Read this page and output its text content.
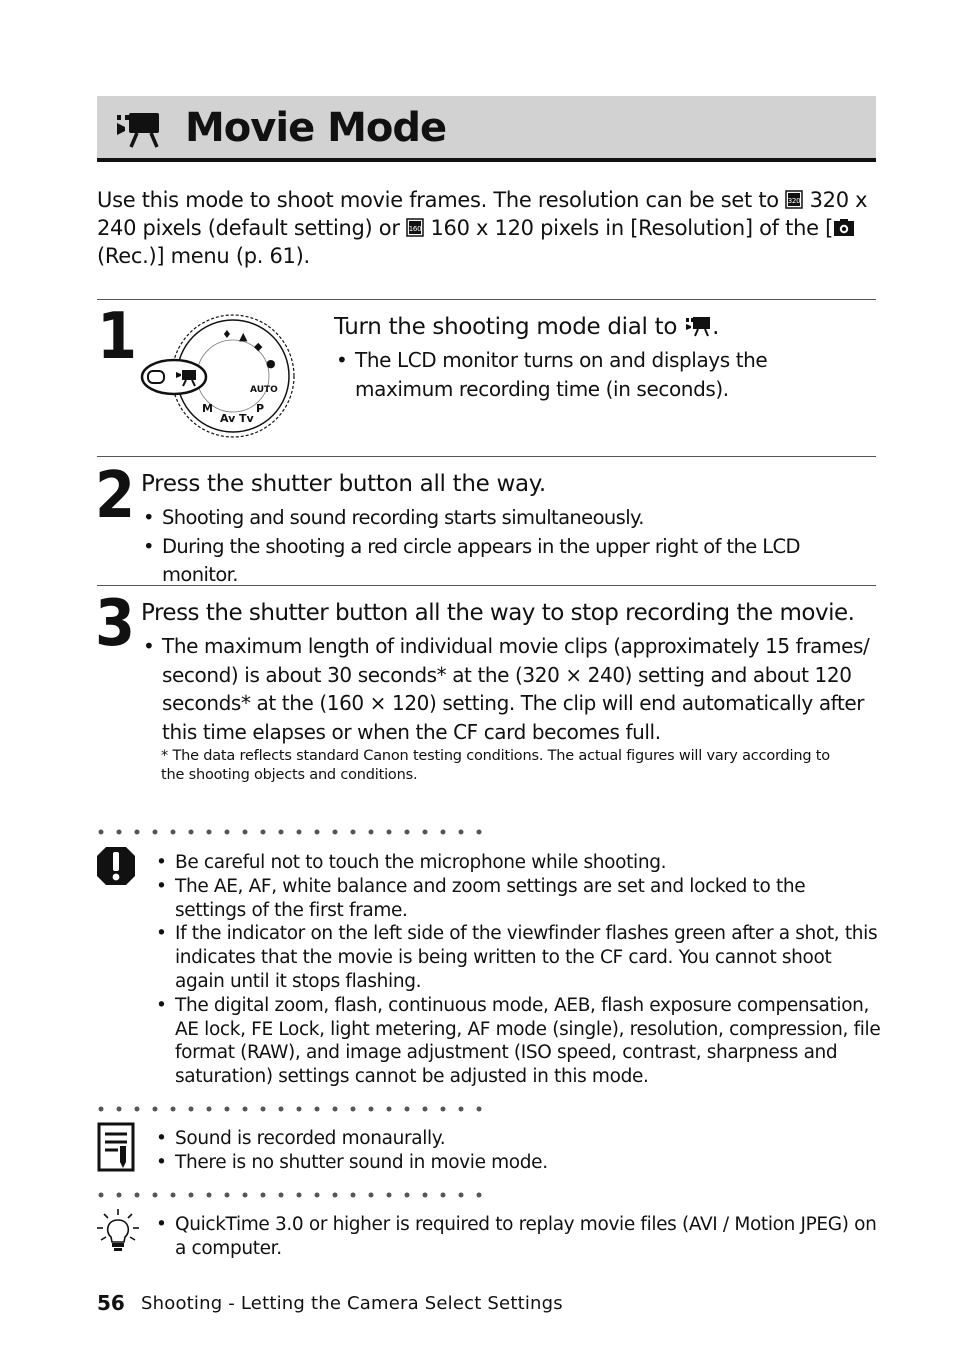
Movie Mode
Use this mode to shoot movie frames. The resolution can be set to 320 320 x 240 pixels (default setting) or 160 160 x 120 pixels in [Resolution] of the [ (Rec.)] menu (p. 61).
1	♦ ▲
◆
●
AUTO
P
Tv
Av
M
Turn the shooting mode dial to .
• The LCD monitor turns on and displays the maximum recording time (in seconds).
2 Press the shutter button all the way.
• Shooting and sound recording starts simultaneously.
• During the shooting a red circle appears in the upper right of the LCD monitor.
3 Press the shutter button all the way to stop recording the movie.
• The maximum length of individual movie clips (approximately 15 frames/ second) is about 30 seconds* at the (320 × 240) setting and about 120 seconds* at the (160 × 120) setting. The clip will end automatically after this time elapses or when the CF card becomes full.
* The data reflects standard Canon testing conditions. The actual figures will vary according to the shooting objects and conditions.
• Be careful not to touch the microphone while shooting.
• The AE, AF, white balance and zoom settings are set and locked to the settings of the first frame.
• If the indicator on the left side of the viewfinder flashes green after a shot, this indicates that the movie is being written to the CF card. You cannot shoot again until it stops flashing.
• The digital zoom, flash, continuous mode, AEB, flash exposure compensation, AE lock, FE Lock, light metering, AF mode (single), resolution, compression, file format (RAW), and image adjustment (ISO speed, contrast, sharpness and saturation) settings cannot be adjusted in this mode.
• Sound is recorded monaurally.
• There is no shutter sound in movie mode.
• QuickTime 3.0 or higher is required to replay movie files (AVI / Motion JPEG) on a computer.
56 Shooting - Letting the Camera Select Settings
